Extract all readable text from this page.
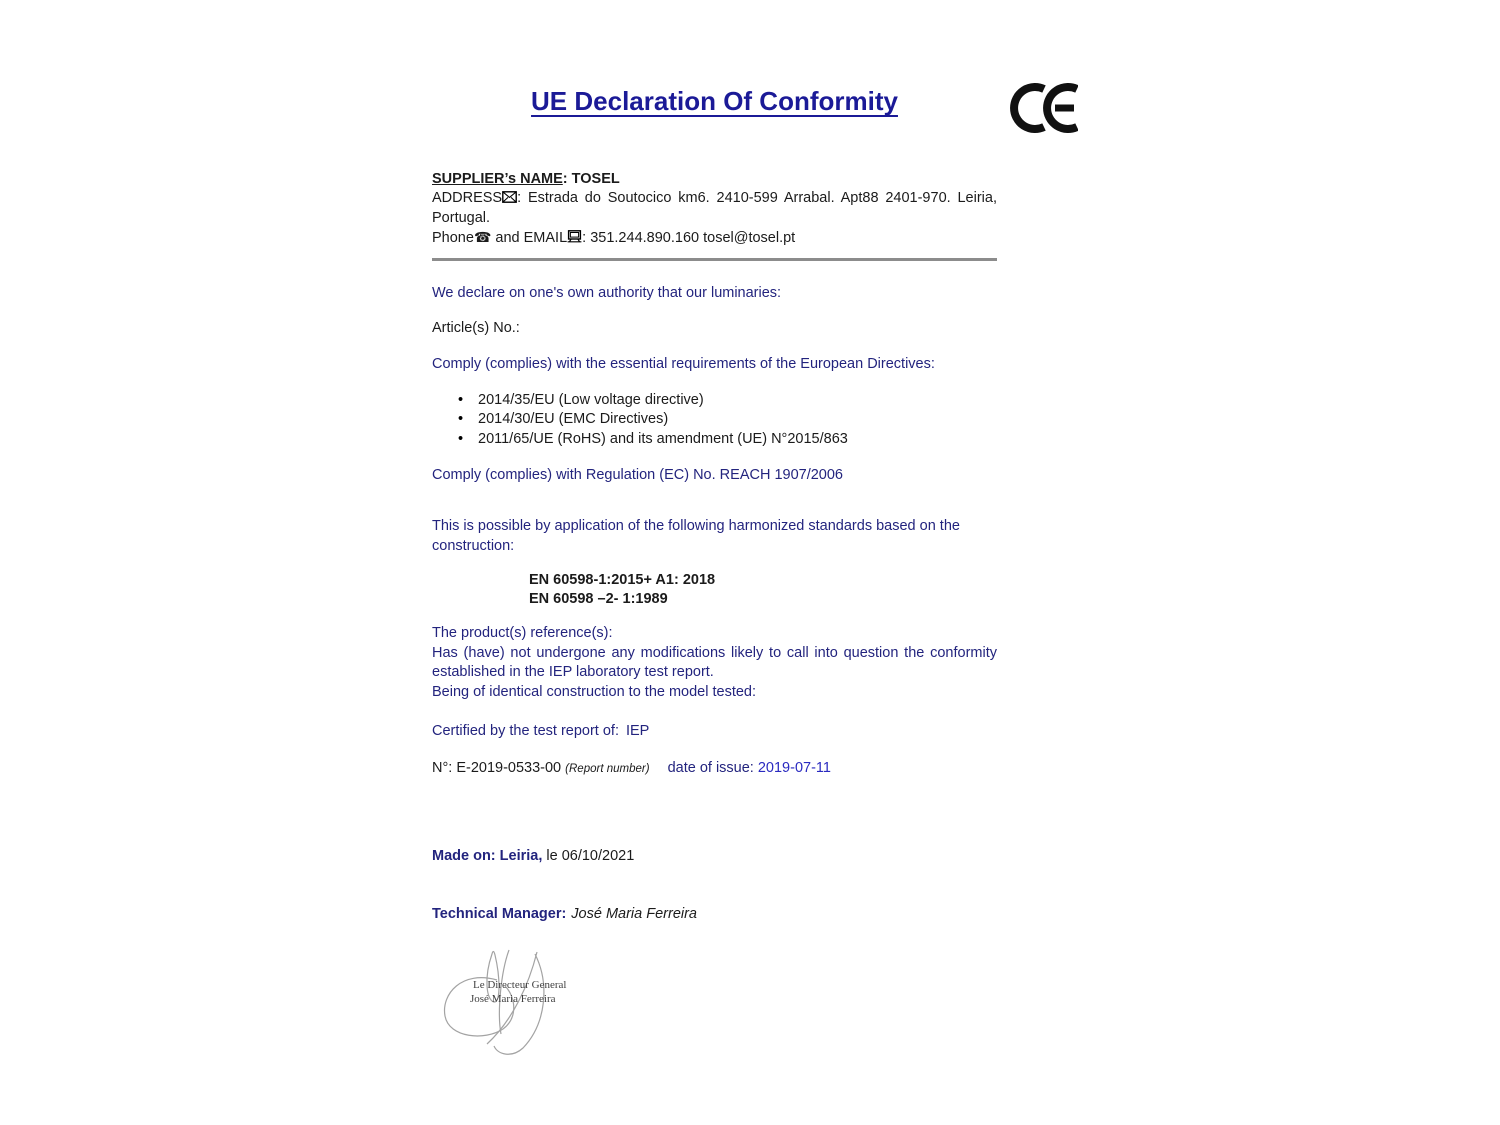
UE Declaration Of Conformity
SUPPLIER’s NAME: TOSEL
ADDRESS : Estrada do Soutocico km6. 2410-599 Arrabal. Apt88 2401-970. Leiria, Portugal.
Phone☎ and EMAIL : 351.244.890.160 tosel@tosel.pt
We declare on one's own authority that our luminaries:
Article(s) No.:
Comply (complies) with the essential requirements of the European Directives:
• 2014/35/EU (Low voltage directive)
• 2014/30/EU (EMC Directives)
• 2011/65/UE (RoHS) and its amendment (UE) N°2015/863
Comply (complies) with Regulation (EC) No. REACH 1907/2006
This is possible by application of the following harmonized standards based on the construction:
EN 60598-1:2015+ A1: 2018
EN 60598 –2- 1:1989
The product(s) reference(s):
Has (have) not undergone any modifications likely to call into question the conformity established in the IEP laboratory test report.
Being of identical construction to the model tested:
Certified by the test report of: IEP
N°: E-2019-0533-00 (Report number) date of issue: 2019-07-11
Made on: Leiria, le 06/10/2021
Technical Manager: José Maria Ferreira
Le Directeur General
José Maria Ferreira
